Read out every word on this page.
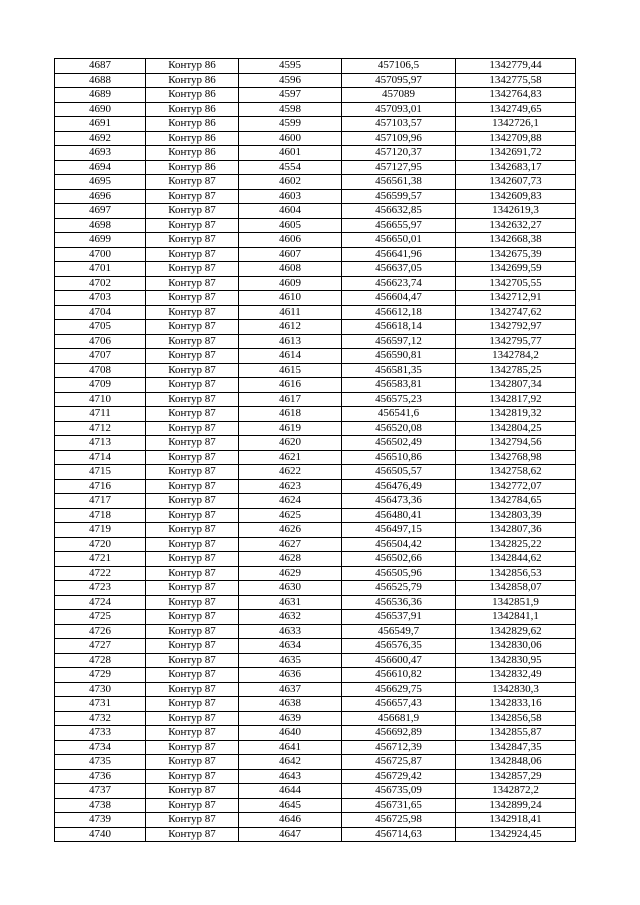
4687	Контур 86	4595	457106,5	1342779,44
4688	Контур 86	4596	457095,97	1342775,58
4689	Контур 86	4597	457089	1342764,83
4690	Контур 86	4598	457093,01	1342749,65
4691	Контур 86	4599	457103,57	1342726,1
4692	Контур 86	4600	457109,96	1342709,88
4693	Контур 86	4601	457120,37	1342691,72
4694	Контур 86	4554	457127,95	1342683,17
4695	Контур 87	4602	456561,38	1342607,73
4696	Контур 87	4603	456599,57	1342609,83
4697	Контур 87	4604	456632,85	1342619,3
4698	Контур 87	4605	456655,97	1342632,27
4699	Контур 87	4606	456650,01	1342668,38
4700	Контур 87	4607	456641,96	1342675,39
4701	Контур 87	4608	456637,05	1342699,59
4702	Контур 87	4609	456623,74	1342705,55
4703	Контур 87	4610	456604,47	1342712,91
4704	Контур 87	4611	456612,18	1342747,62
4705	Контур 87	4612	456618,14	1342792,97
4706	Контур 87	4613	456597,12	1342795,77
4707	Контур 87	4614	456590,81	1342784,2
4708	Контур 87	4615	456581,35	1342785,25
4709	Контур 87	4616	456583,81	1342807,34
4710	Контур 87	4617	456575,23	1342817,92
4711	Контур 87	4618	456541,6	1342819,32
4712	Контур 87	4619	456520,08	1342804,25
4713	Контур 87	4620	456502,49	1342794,56
4714	Контур 87	4621	456510,86	1342768,98
4715	Контур 87	4622	456505,57	1342758,62
4716	Контур 87	4623	456476,49	1342772,07
4717	Контур 87	4624	456473,36	1342784,65
4718	Контур 87	4625	456480,41	1342803,39
4719	Контур 87	4626	456497,15	1342807,36
4720	Контур 87	4627	456504,42	1342825,22
4721	Контур 87	4628	456502,66	1342844,62
4722	Контур 87	4629	456505,96	1342856,53
4723	Контур 87	4630	456525,79	1342858,07
4724	Контур 87	4631	456536,36	1342851,9
4725	Контур 87	4632	456537,91	1342841,1
4726	Контур 87	4633	456549,7	1342829,62
4727	Контур 87	4634	456576,35	1342830,06
4728	Контур 87	4635	456600,47	1342830,95
4729	Контур 87	4636	456610,82	1342832,49
4730	Контур 87	4637	456629,75	1342830,3
4731	Контур 87	4638	456657,43	1342833,16
4732	Контур 87	4639	456681,9	1342856,58
4733	Контур 87	4640	456692,89	1342855,87
4734	Контур 87	4641	456712,39	1342847,35
4735	Контур 87	4642	456725,87	1342848,06
4736	Контур 87	4643	456729,42	1342857,29
4737	Контур 87	4644	456735,09	1342872,2
4738	Контур 87	4645	456731,65	1342899,24
4739	Контур 87	4646	456725,98	1342918,41
4740	Контур 87	4647	456714,63	1342924,45
